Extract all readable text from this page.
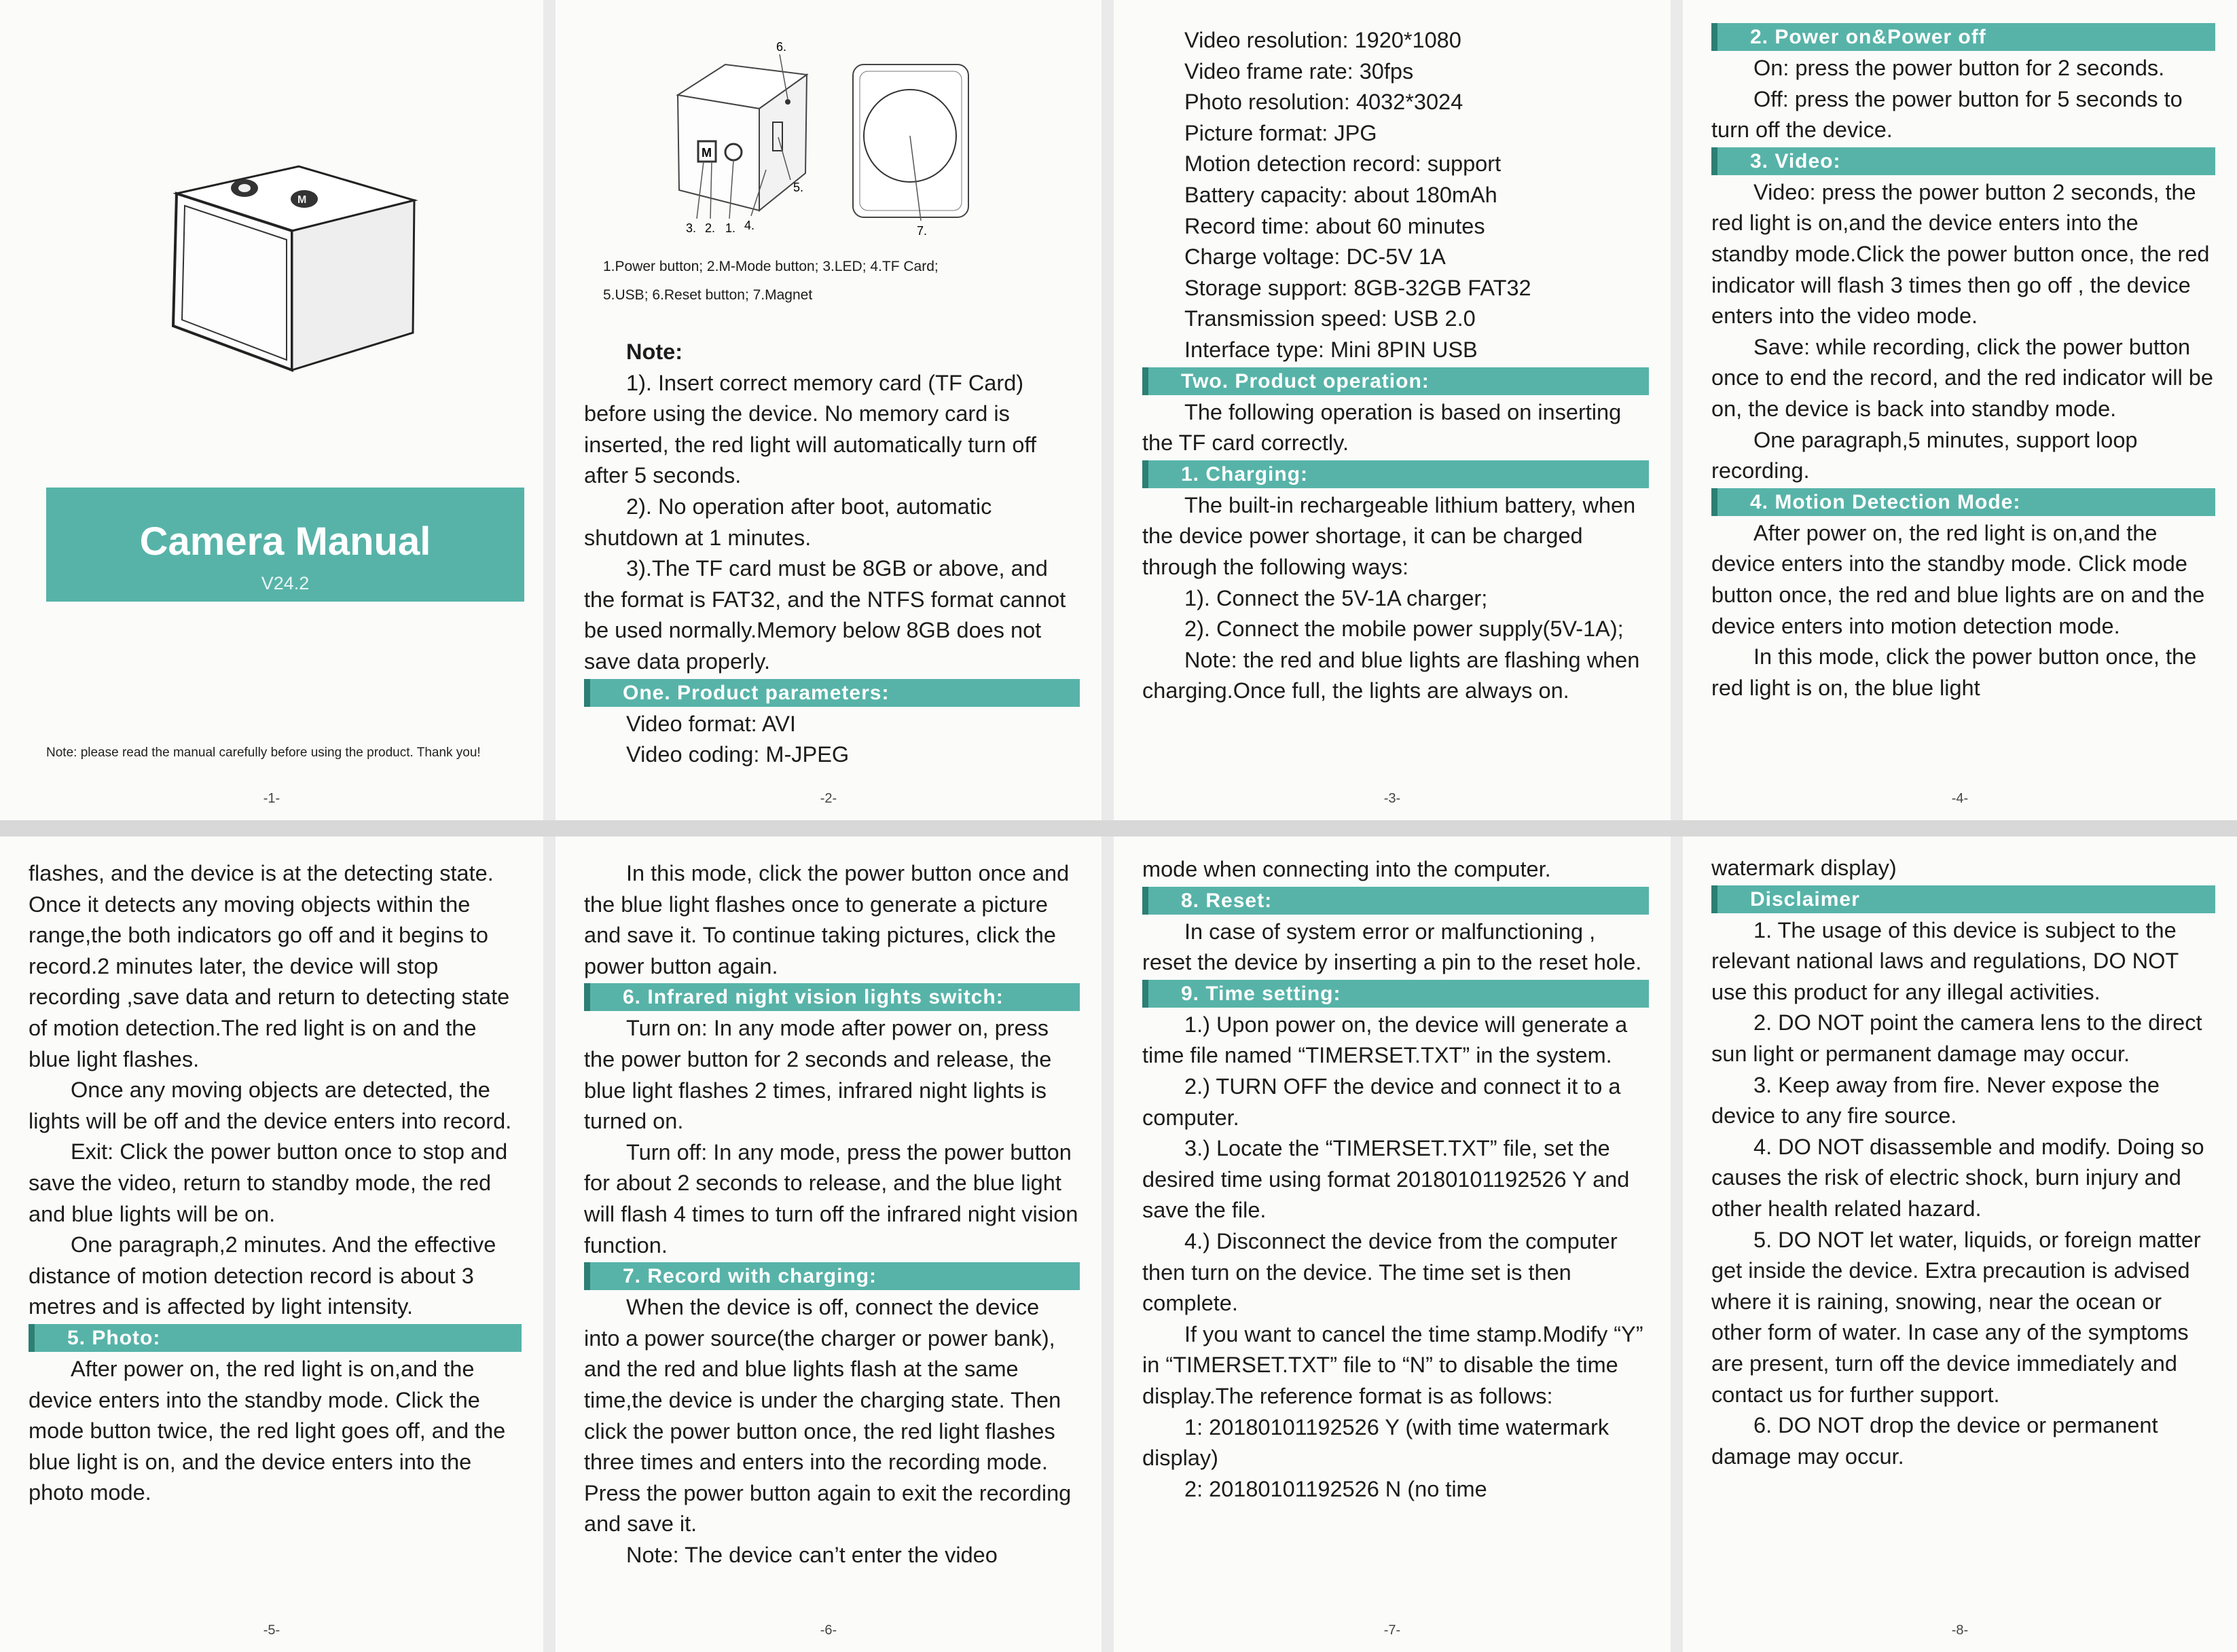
M
Camera Manual
V24.2
Note: please read the manual carefully before using the product. Thank you!
-1-
M
6.
5.
3. 2. 1. 4.	7.
1.Power button; 2.M-Mode button; 3.LED; 4.TF Card;
5.USB; 6.Reset button; 7.Magnet

Note:

1). Insert correct memory card (TF Card) before using the device. No memory card is inserted, the red light will automatically turn off after 5 seconds.

2). No operation after boot, automatic shutdown at 1 minutes.

3).The TF card must be 8GB or above, and the format is FAT32, and the NTFS format cannot be used normally.Memory below 8GB does not save data properly.

One. Product parameters:

Video format: AVI

Video coding: M-JPEG

-2-

Video resolution: 1920*1080

Video frame rate: 30fps

Photo resolution: 4032*3024

Picture format: JPG

Motion detection record: support

Battery capacity: about 180mAh

Record time: about 60 minutes

Charge voltage: DC-5V 1A

Storage support: 8GB-32GB FAT32

Transmission speed: USB 2.0

Interface type: Mini 8PIN USB

Two. Product operation:

The following operation is based on inserting the TF card correctly.

1. Charging:

The built-in rechargeable lithium battery, when the device power shortage, it can be charged through the following ways:

1). Connect the 5V-1A charger;

2). Connect the mobile power supply(5V-1A);

Note: the red and blue lights are flashing when charging.Once full, the lights are always on.

-3-
2. Power on&Power off

On: press the power button for 2 seconds.

Off: press the power button for 5 seconds to turn off the device.

3. Video:

Video: press the power button 2 seconds, the red light is on,and the device enters into the standby mode.Click the power button once, the red indicator will flash 3 times then go off , the device enters into the video mode.

Save: while recording, click the power button once to end the record, and the red indicator will be on, the device is back into standby mode.

One paragraph,5 minutes, support loop recording.

4. Motion Detection Mode:

After power on, the red light is on,and the device enters into the standby mode. Click mode button once, the red and blue lights are on and the device enters into motion detection mode.

In this mode, click the power button once, the red light is on, the blue light

-4-

flashes, and the device is at the detecting state. Once it detects any moving objects within the range,the both indicators go off and it begins to record.2 minutes later, the device will stop recording ,save data and return to detecting state of motion detection.The red light is on and the blue light flashes.

Once any moving objects are detected, the lights will be off and the device enters into record.

Exit: Click the power button once to stop and save the video, return to standby mode, the red and blue lights will be on.

One paragraph,2 minutes. And the effective distance of motion detection record is about 3 metres and is affected by light intensity.

5. Photo:

After power on, the red light is on,and the device enters into the standby mode. Click the mode button twice, the red light goes off, and the blue light is on, and the device enters into the photo mode.

-5-

In this mode, click the power button once and the blue light flashes once to generate a picture and save it. To continue taking pictures, click the power button again.

6. Infrared night vision lights switch:

Turn on: In any mode after power on, press the power button for 2 seconds and release, the blue light flashes 2 times, infrared night lights is turned on.

Turn off: In any mode, press the power button for about 2 seconds to release, and the blue light will flash 4 times to turn off the infrared night vision function.

7. Record with charging:

When the device is off, connect the device into a power source(the charger or power bank), and the red and blue lights flash at the same time,the device is under the charging state. Then click the power button once, the red light flashes three times and enters into the recording mode. Press the power button again to exit the recording and save it.

Note: The device can’t enter the video

-6-

mode when connecting into the computer.

8. Reset:

In case of system error or malfunctioning , reset the device by inserting a pin to the reset hole.

9. Time setting:

1.) Upon power on, the device will generate a time file named “TIMERSET.TXT” in the system.

2.) TURN OFF the device and connect it to a computer.

3.) Locate the “TIMERSET.TXT” file, set the desired time using format 20180101192526 Y and save the file.

4.) Disconnect the device from the computer then turn on the device. The time set is then complete.

If you want to cancel the time stamp.Modify “Y” in “TIMERSET.TXT” file to “N” to disable the time display.The reference format is as follows:

1: 20180101192526 Y (with time watermark display)

2: 20180101192526 N (no time

-7-

watermark display)

Disclaimer

1. The usage of this device is subject to the relevant national laws and regulations, DO NOT use this product for any illegal activities.

2. DO NOT point the camera lens to the direct sun light or permanent damage may occur.

3. Keep away from fire. Never expose the device to any fire source.

4. DO NOT disassemble and modify. Doing so causes the risk of electric shock, burn injury and other health related hazard.

5. DO NOT let water, liquids, or foreign matter get inside the device. Extra precaution is advised where it is raining, snowing, near the ocean or other form of water. In case any of the symptoms are present, turn off the device immediately and contact us for further support.

6. DO NOT drop the device or permanent damage may occur.

-8-
